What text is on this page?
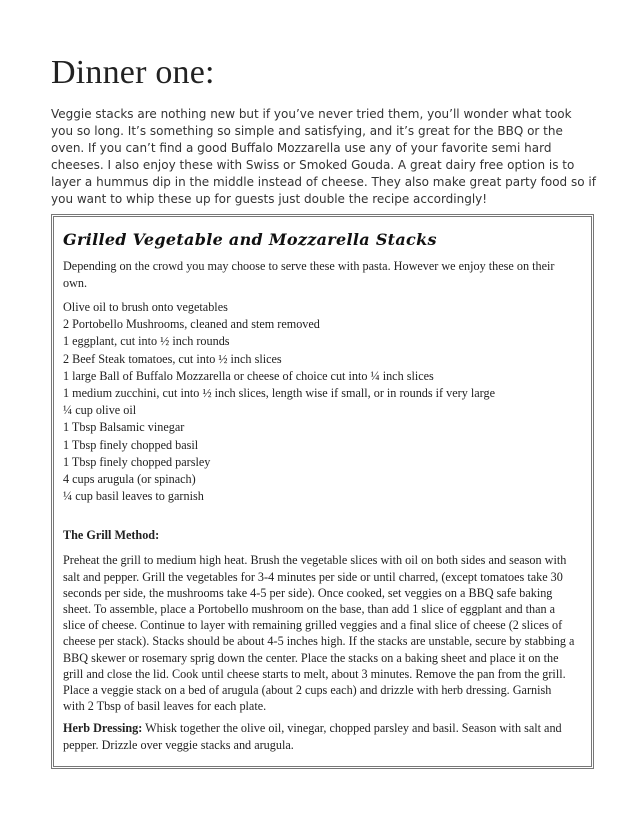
Dinner one:

Veggie stacks are nothing new but if you’ve never tried them, you’ll wonder what took you so long. It’s something so simple and satisfying, and it’s great for the BBQ or the oven. If you can’t find a good Buffalo Mozzarella use any of your favorite semi hard cheeses. I also enjoy these with Swiss or Smoked Gouda. A great dairy free option is to layer a hummus dip in the middle instead of cheese. They also make great party food so if you want to whip these up for guests just double the recipe accordingly!

Grilled Vegetable and Mozzarella Stacks

Depending on the crowd you may choose to serve these with pasta. However we enjoy these on their own.

Olive oil to brush onto vegetables
2 Portobello Mushrooms, cleaned and stem removed
1 eggplant, cut into ½ inch rounds
2 Beef Steak tomatoes, cut into ½ inch slices
1 large Ball of Buffalo Mozzarella or cheese of choice cut into ¼ inch slices
1 medium zucchini, cut into ½ inch slices, length wise if small, or in rounds if very large
¼ cup olive oil
1 Tbsp Balsamic vinegar
1 Tbsp finely chopped basil
1 Tbsp finely chopped parsley
4 cups arugula (or spinach)
¼ cup basil leaves to garnish

The Grill Method:

Preheat the grill to medium high heat. Brush the vegetable slices with oil on both sides and season with salt and pepper. Grill the vegetables for 3-4 minutes per side or until charred, (except tomatoes take 30 seconds per side, the mushrooms take 4-5 per side). Once cooked, set veggies on a BBQ safe baking sheet. To assemble, place a Portobello mushroom on the base, than add 1 slice of eggplant and than a slice of cheese. Continue to layer with remaining grilled veggies and a final slice of cheese (2 slices of cheese per stack). Stacks should be about 4-5 inches high. If the stacks are unstable, secure by stabbing a BBQ skewer or rosemary sprig down the center. Place the stacks on a baking sheet and place it on the grill and close the lid. Cook until cheese starts to melt, about 3 minutes. Remove the pan from the grill. Place a veggie stack on a bed of arugula (about 2 cups each) and drizzle with herb dressing. Garnish with 2 Tbsp of basil leaves for each plate.

Herb Dressing: Whisk together the olive oil, vinegar, chopped parsley and basil. Season with salt and pepper. Drizzle over veggie stacks and arugula.
